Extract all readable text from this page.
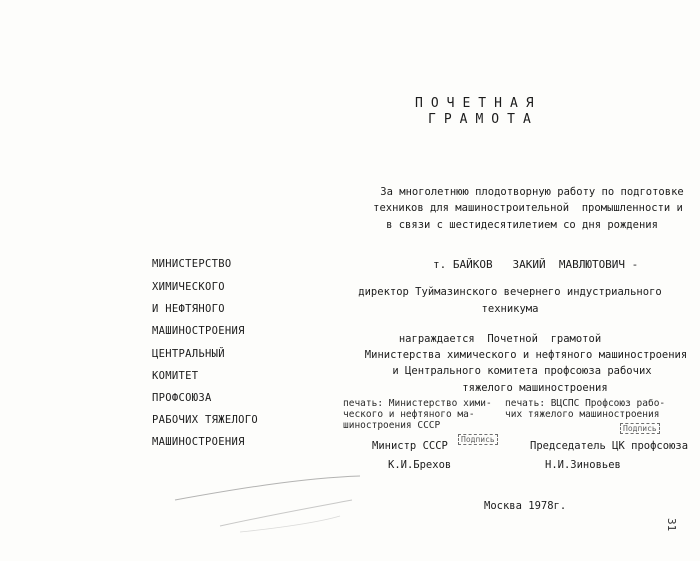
ПОЧЕТНАЯ
ГРАМОТА
За многолетнюю плодотворную работу по подготовке
техников для машиностроительной  промышленности и
в связи с шестидесятилетием со дня рождения
т. БАЙКОВ   ЗАКИЙ  МАВЛЮТОВИЧ -
директор Туймазинского вечернего индустриального
техникума
награждается  Почетной  грамотой
Министерства химического и нефтяного машиностроения
и Центрального комитета профсоюза рабочих
тяжелого машиностроения
МИНИСТЕРСТВО
ХИМИЧЕСКОГО
И НЕФТЯНОГО
МАШИНОСТРОЕНИЯ
ЦЕНТРАЛЬНЫЙ
КОМИТЕТ
ПРОФСОЮЗА
РАБОЧИХ ТЯЖЕЛОГО
МАШИНОСТРОЕНИЯ
печать: Министерство хими-
ческого и нефтяного ма-
шиностроения СССР
печать: ВЦСПС Профсоюз рабо-
чих тяжелого машиностроения
Подпись
Подпись
Министр СССР
К.И.Брехов
Председатель ЦК профсоюза
Н.И.Зиновьев
Москва 1978г.
31
